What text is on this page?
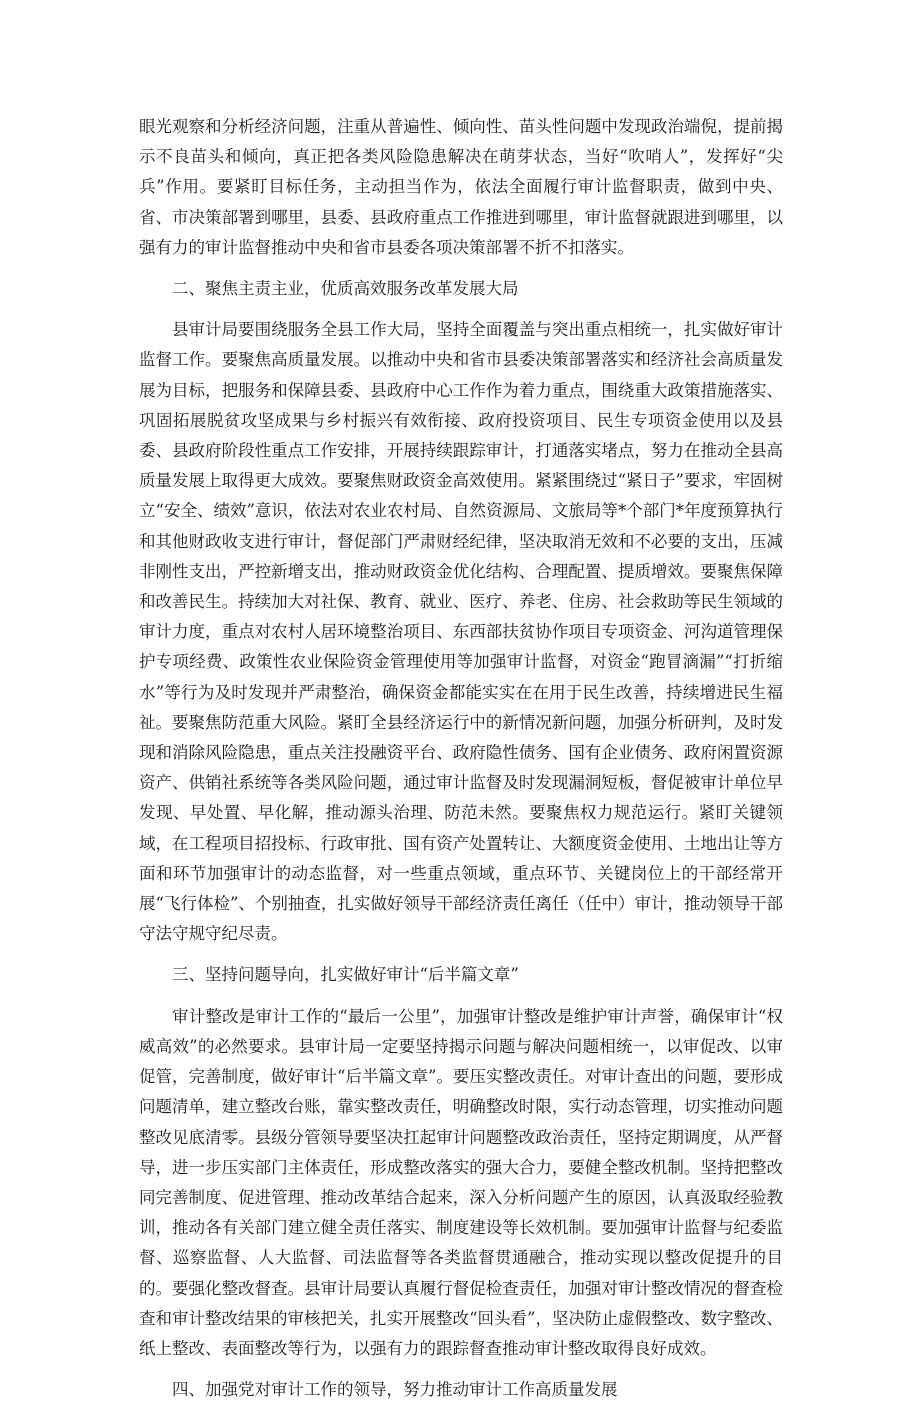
眼光观察和分析经济问题，注重从普遍性、倾向性、苗头性问题中发现政治端倪，提前揭示不良苗头和倾向，真正把各类风险隐患解决在萌芽状态，当好“吹哨人”，发挥好“尖兵”作用。要紧盯目标任务，主动担当作为，依法全面履行审计监督职责，做到中央、省、市决策部署到哪里，县委、县政府重点工作推进到哪里，审计监督就跟进到哪里，以强有力的审计监督推动中央和省市县委各项决策部署不折不扣落实。

二、聚焦主责主业，优质高效服务改革发展大局

县审计局要围绕服务全县工作大局，坚持全面覆盖与突出重点相统一，扎实做好审计监督工作。要聚焦高质量发展。以推动中央和省市县委决策部署落实和经济社会高质量发展为目标，把服务和保障县委、县政府中心工作作为着力重点，围绕重大政策措施落实、巩固拓展脱贫攻坚成果与乡村振兴有效衔接、政府投资项目、民生专项资金使用以及县委、县政府阶段性重点工作安排，开展持续跟踪审计，打通落实堵点，努力在推动全县高质量发展上取得更大成效。要聚焦财政资金高效使用。紧紧围绕过“紧日子”要求，牢固树立“安全、绩效”意识，依法对农业农村局、自然资源局、文旅局等*个部门*年度预算执行和其他财政收支进行审计，督促部门严肃财经纪律，坚决取消无效和不必要的支出，压减非刚性支出，严控新增支出，推动财政资金优化结构、合理配置、提质增效。要聚焦保障和改善民生。持续加大对社保、教育、就业、医疗、养老、住房、社会救助等民生领域的审计力度，重点对农村人居环境整治项目、东西部扶贫协作项目专项资金、河沟道管理保护专项经费、政策性农业保险资金管理使用等加强审计监督，对资金“跑冒滴漏”“打折缩水”等行为及时发现并严肃整治，确保资金都能实实在在用于民生改善，持续增进民生福祉。要聚焦防范重大风险。紧盯全县经济运行中的新情况新问题，加强分析研判，及时发现和消除风险隐患，重点关注投融资平台、政府隐性债务、国有企业债务、政府闲置资源资产、供销社系统等各类风险问题，通过审计监督及时发现漏洞短板，督促被审计单位早发现、早处置、早化解，推动源头治理、防范未然。要聚焦权力规范运行。紧盯关键领域，在工程项目招投标、行政审批、国有资产处置转让、大额度资金使用、土地出让等方面和环节加强审计的动态监督，对一些重点领域，重点环节、关键岗位上的干部经常开展“飞行体检”、个别抽查，扎实做好领导干部经济责任离任（任中）审计，推动领导干部守法守规守纪尽责。

三、坚持问题导向，扎实做好审计“后半篇文章”

审计整改是审计工作的“最后一公里”，加强审计整改是维护审计声誉，确保审计“权威高效”的必然要求。县审计局一定要坚持揭示问题与解决问题相统一，以审促改、以审促管，完善制度，做好审计“后半篇文章”。要压实整改责任。对审计查出的问题，要形成问题清单，建立整改台账，靠实整改责任，明确整改时限，实行动态管理，切实推动问题整改见底清零。县级分管领导要坚决扛起审计问题整改政治责任，坚持定期调度，从严督导，进一步压实部门主体责任，形成整改落实的强大合力，要健全整改机制。坚持把整改同完善制度、促进管理、推动改革结合起来，深入分析问题产生的原因，认真汲取经验教训，推动各有关部门建立健全责任落实、制度建设等长效机制。要加强审计监督与纪委监督、巡察监督、人大监督、司法监督等各类监督贯通融合，推动实现以整改促提升的目的。要强化整改督查。县审计局要认真履行督促检查责任，加强对审计整改情况的督查检查和审计整改结果的审核把关，扎实开展整改“回头看”，坚决防止虚假整改、数字整改、纸上整改、表面整改等行为，以强有力的跟踪督查推动审计整改取得良好成效。

四、加强党对审计工作的领导，努力推动审计工作高质量发展
